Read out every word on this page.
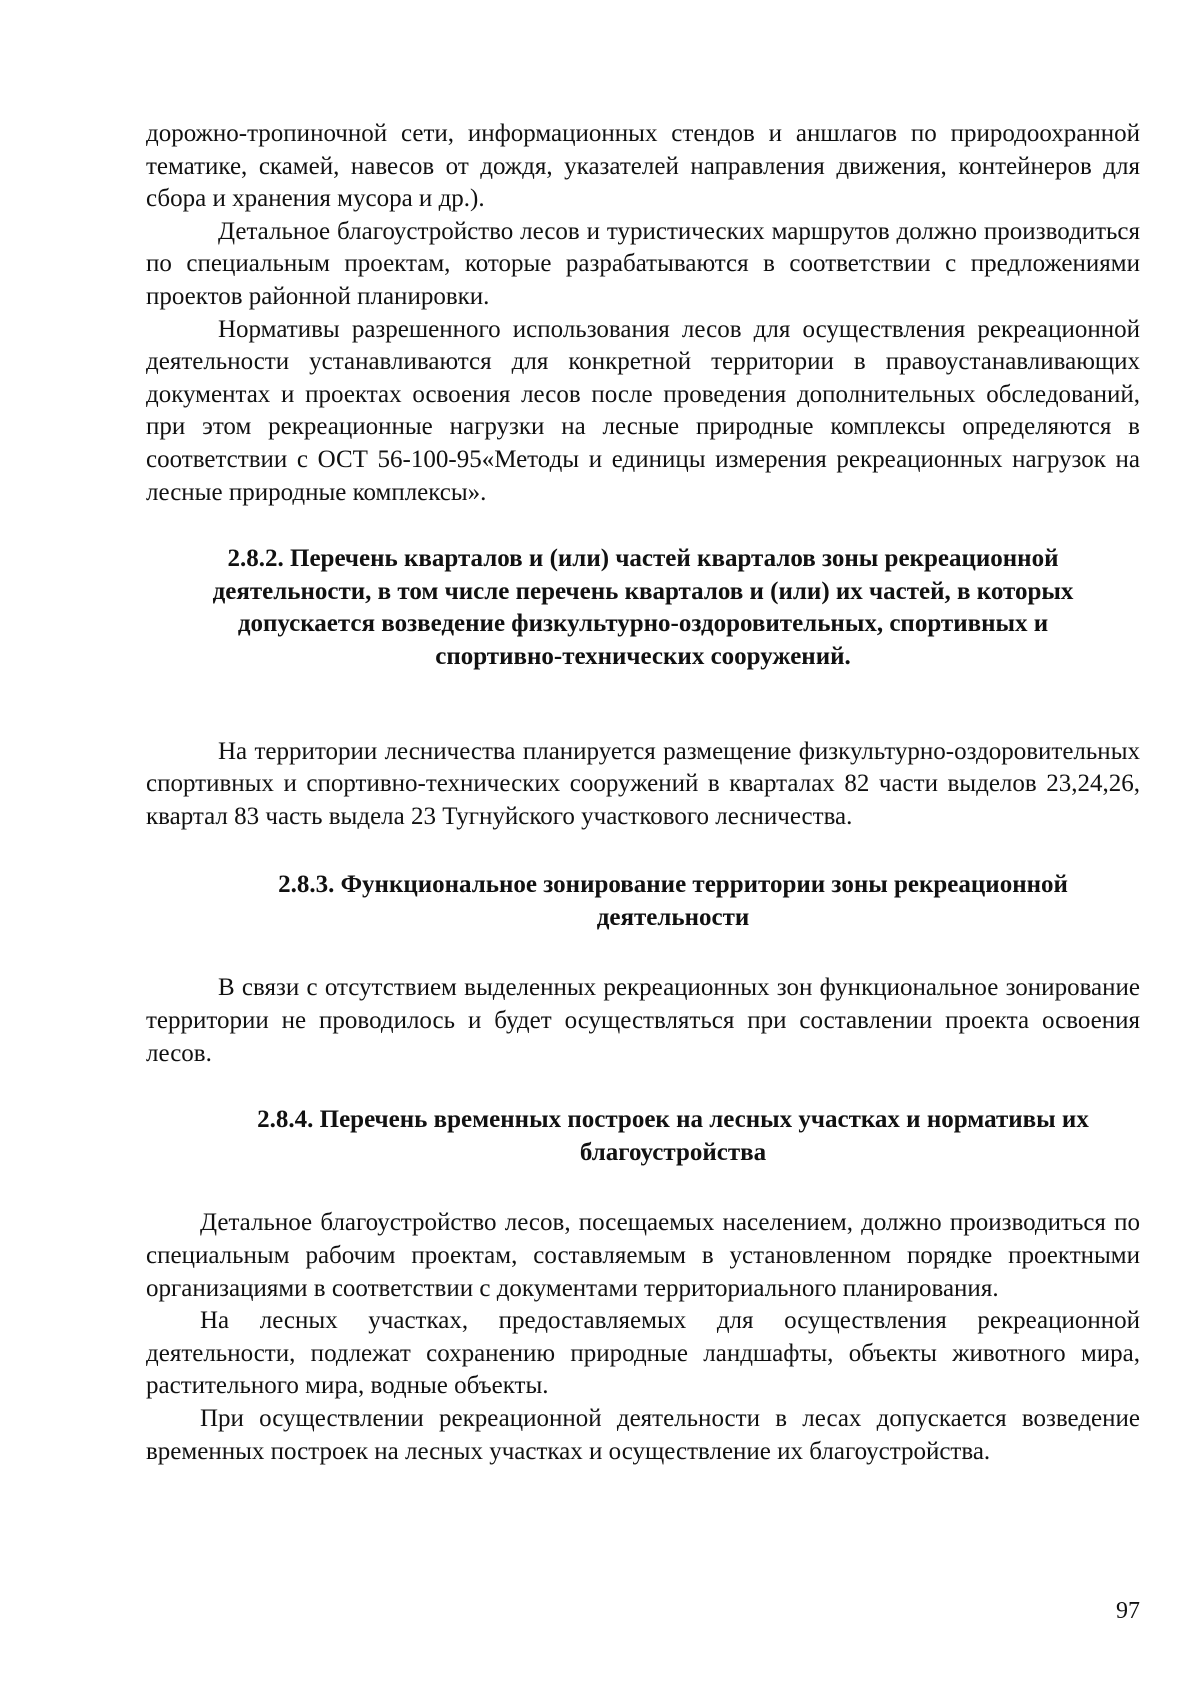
дорожно-тропиночной сети, информационных стендов и аншлагов по природоохранной тематике, скамей, навесов от дождя, указателей направления движения, контейнеров для сбора и хранения мусора и др.).

Детальное благоустройство лесов и туристических маршрутов должно производиться по специальным проектам, которые разрабатываются в соответствии с предложениями проектов районной планировки.

Нормативы разрешенного использования лесов для осуществления рекреационной деятельности устанавливаются для конкретной территории в правоустанавливающих документах и проектах освоения лесов после проведения дополнительных обследований, при этом рекреационные нагрузки на лесные природные комплексы определяются в соответствии с ОСТ 56-100-95«Методы и единицы измерения рекреационных нагрузок на лесные природные комплексы».

2.8.2. Перечень кварталов и (или) частей кварталов зоны рекреационной деятельности, в том числе перечень кварталов и (или) их частей, в которых допускается возведение физкультурно-оздоровительных, спортивных и спортивно-технических сооружений.

На территории лесничества планируется размещение физкультурно-оздоровительных спортивных и спортивно-технических сооружений в кварталах 82 части выделов 23,24,26, квартал 83 часть выдела 23 Тугнуйского участкового лесничества.

2.8.3. Функциональное зонирование территории зоны рекреационной деятельности

В связи с отсутствием выделенных рекреационных зон функциональное зонирование территории не проводилось и будет осуществляться при составлении проекта освоения лесов.

2.8.4. Перечень временных построек на лесных участках и нормативы их благоустройства

Детальное благоустройство лесов, посещаемых населением, должно производиться по специальным рабочим проектам, составляемым в установленном порядке проектными организациями в соответствии с документами территориального планирования.

На лесных участках, предоставляемых для осуществления рекреационной деятельности, подлежат сохранению природные ландшафты, объекты животного мира, растительного мира, водные объекты.

При осуществлении рекреационной деятельности в лесах допускается возведение временных построек на лесных участках и осуществление их благоустройства.

97
